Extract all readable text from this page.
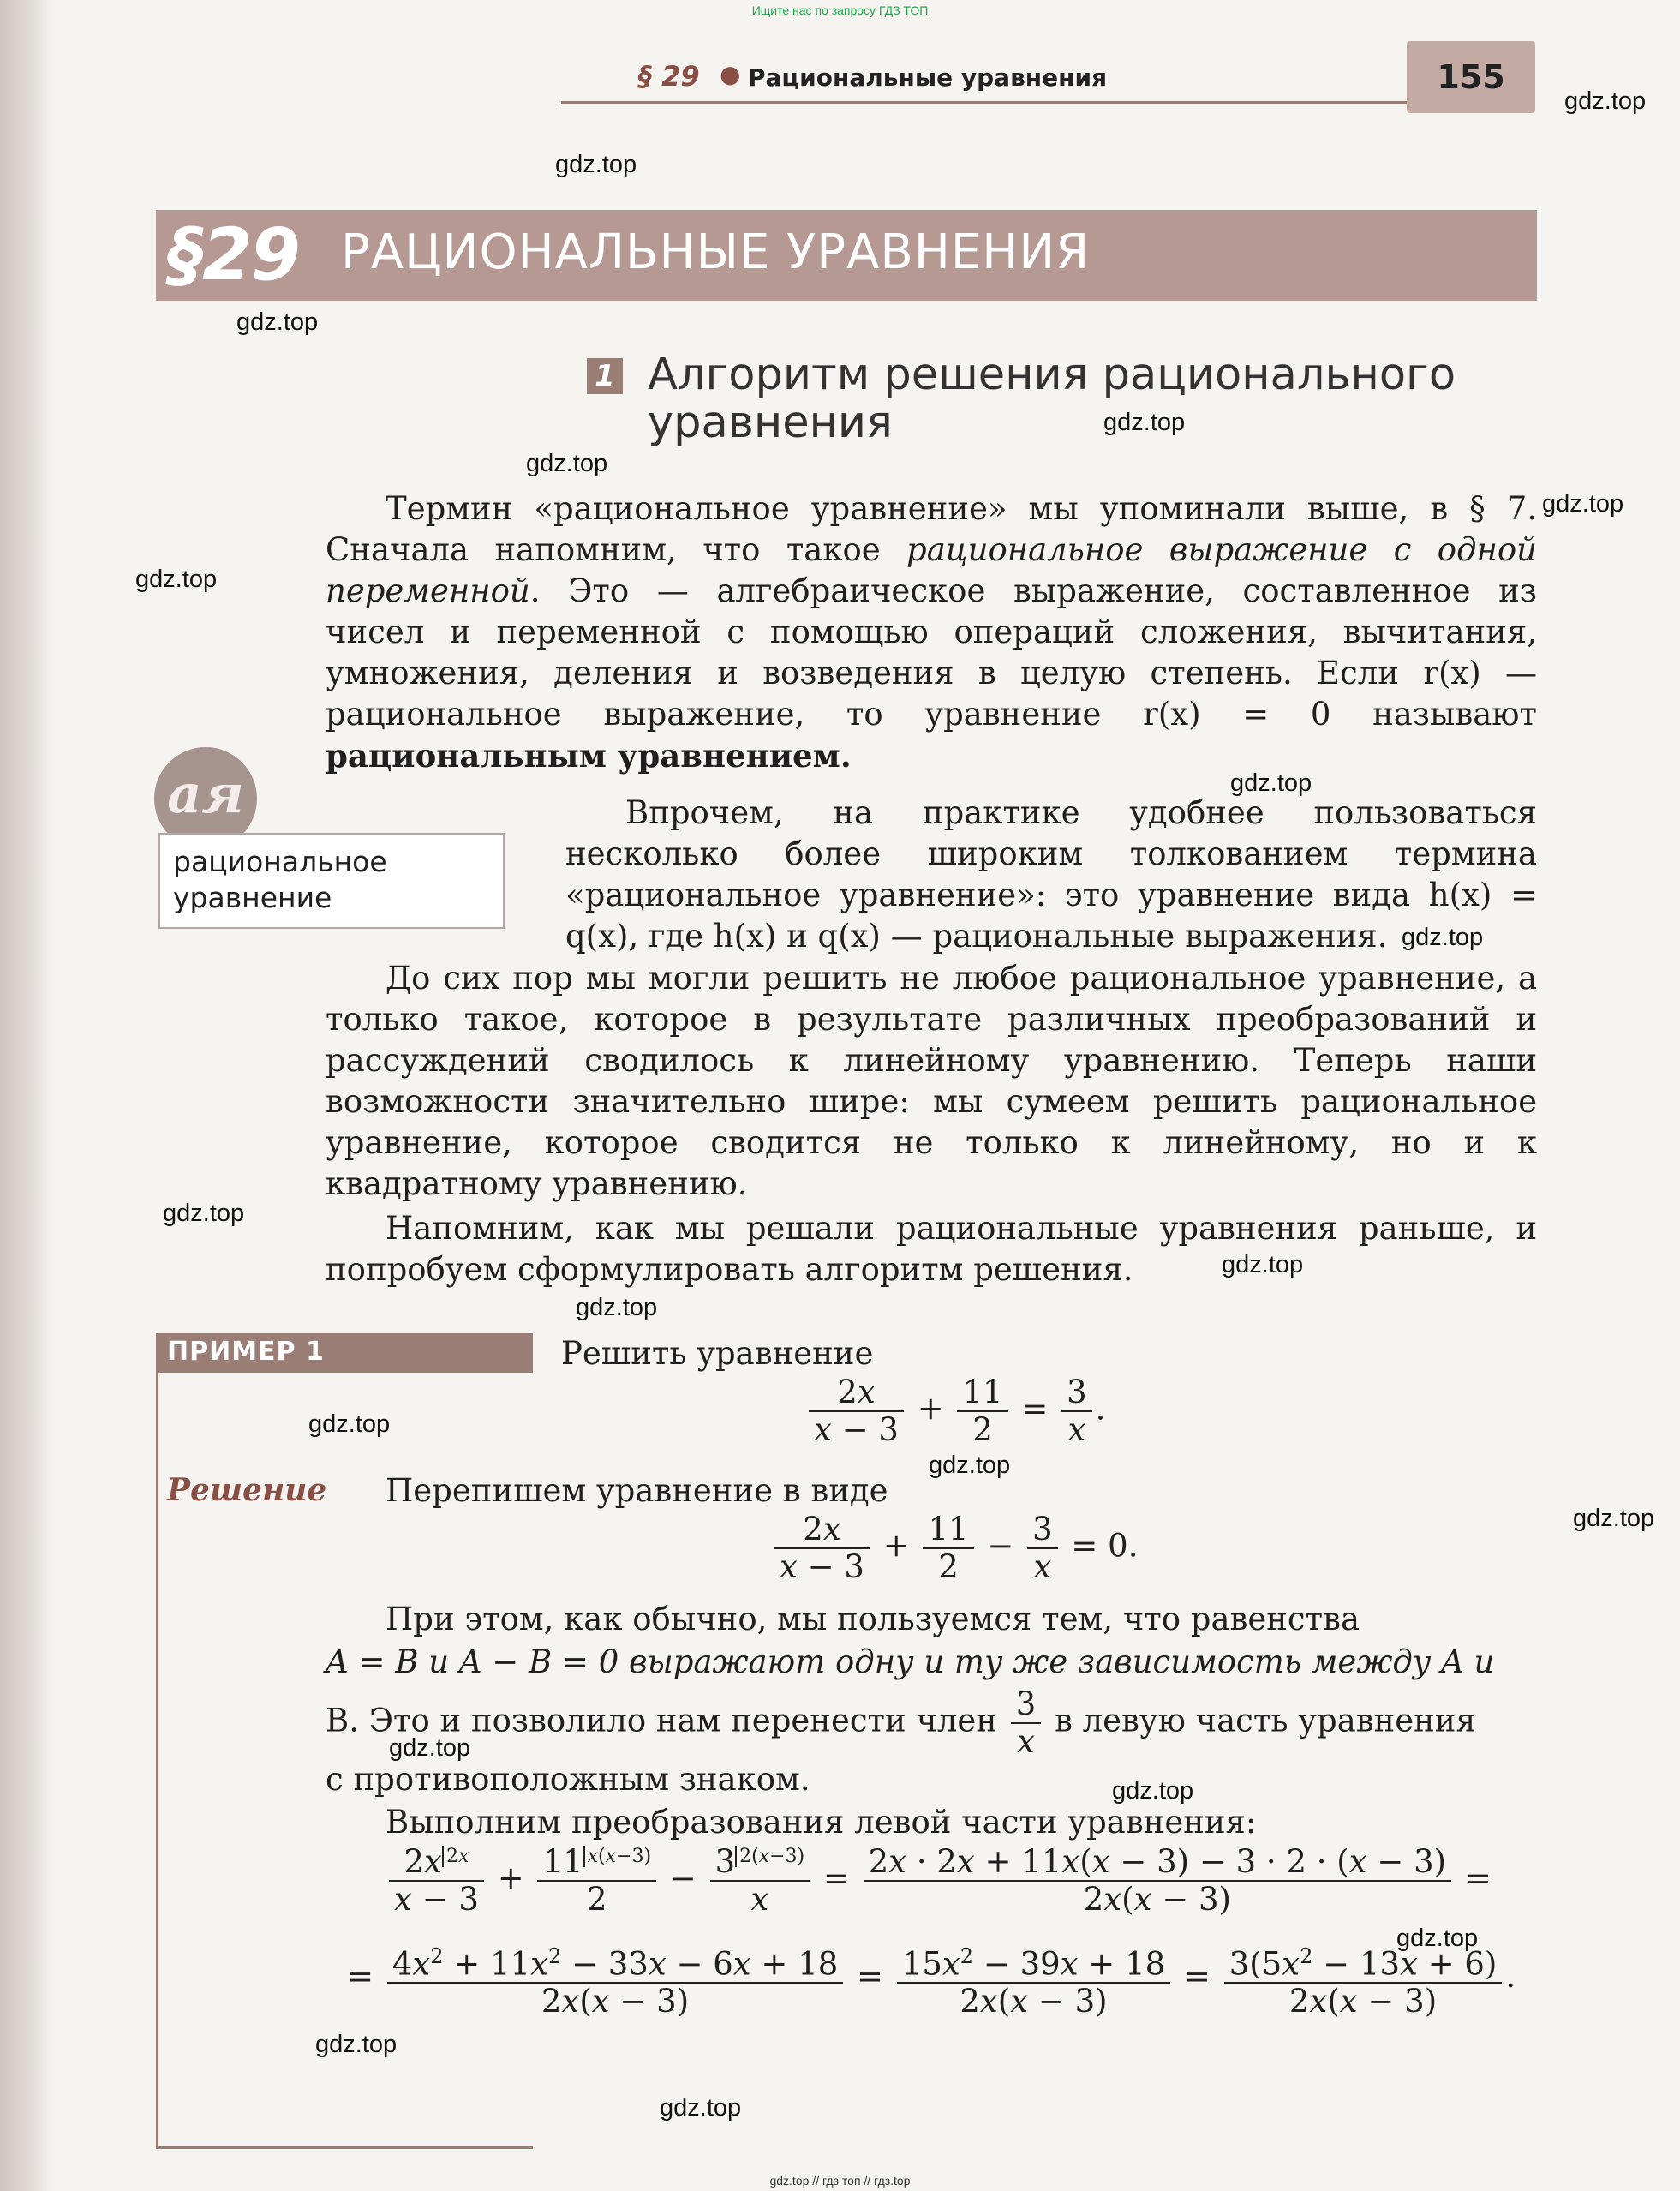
Ищите нас по запросу ГДЗ ТОП
§ 29 ● Рациональные уравнения	155
§29 РАЦИОНАЛЬНЫЕ УРАВНЕНИЯ
1 Алгоритм решения рационального уравнения
Термин «рациональное уравнение» мы упоминали выше, в § 7. Сначала напомним, что такое рациональное выражение с одной переменной. Это — алгебраическое выражение, составленное из чисел и переменной с помощью операций сложения, вычитания, умножения, деления и возведения в целую степень. Если r(x) — рациональное выражение, то уравнение r(x) = 0 называют рациональным уравнением.
aя
рациональное уравнение
Впрочем, на практике удобнее пользоваться несколько более широким толкованием термина «рациональное уравнение»: это уравнение вида h(x) = q(x), где h(x) и q(x) — рациональные выражения.
До сих пор мы могли решить не любое рациональное уравнение, а только такое, которое в результате различных преобразований и рассуждений сводилось к линейному уравнению. Теперь наши возможности значительно шире: мы сумеем решить рациональное уравнение, которое сводится не только к линейному, но и к квадратному уравнению.
Напомним, как мы решали рациональные уравнения раньше, и попробуем сформулировать алгоритм решения.
ПРИМЕР 1	Решить уравнение
$\frac{2x}{x - 3} + \frac{11}{2} = \frac{3}{x}$ .
Решение Перепишем уравнение в виде
$\frac{2x}{x - 3} + \frac{11}{2} - \frac{3}{x} = 0$.
При этом, как обычно, мы пользуемся тем, что равенства
A = B и A − B = 0 выражают одну и ту же зависимость между A и
B. Это и позволило нам перенести член $\frac{3}{x}$ в левую часть уравнения
с противоположным знаком.
Выполним преобразования левой части уравнения:
$\frac{2x ^{2x}}{x - 3} + \frac{11 ^{x(x-3)}}{2} - \frac{3 ^{2(x-3)}}{x} = \frac{2x \cdot 2x + 11x(x - 3) - 3 \cdot 2 \cdot (x - 3)}{2x(x - 3)}$ =
= $\frac{4x^2 + 11x^2 - 33x - 6x + 18}{2x(x - 3)} = \frac{15x^2 - 39x + 18}{2x(x - 3)} = \frac{3(5x^2 - 13x + 6)}{2x(x - 3)}$ .
gdz.top
gdz.top
gdz.top
gdz.top
gdz.top
gdz.top
gdz.top
gdz.top
gdz.top
gdz.top
gdz.top
gdz.top
gdz.top
gdz.top
gdz.top
gdz.top
gdz.top
gdz.top
gdz.top
gdz.top
gdz.top // гдз топ // гдз.top
